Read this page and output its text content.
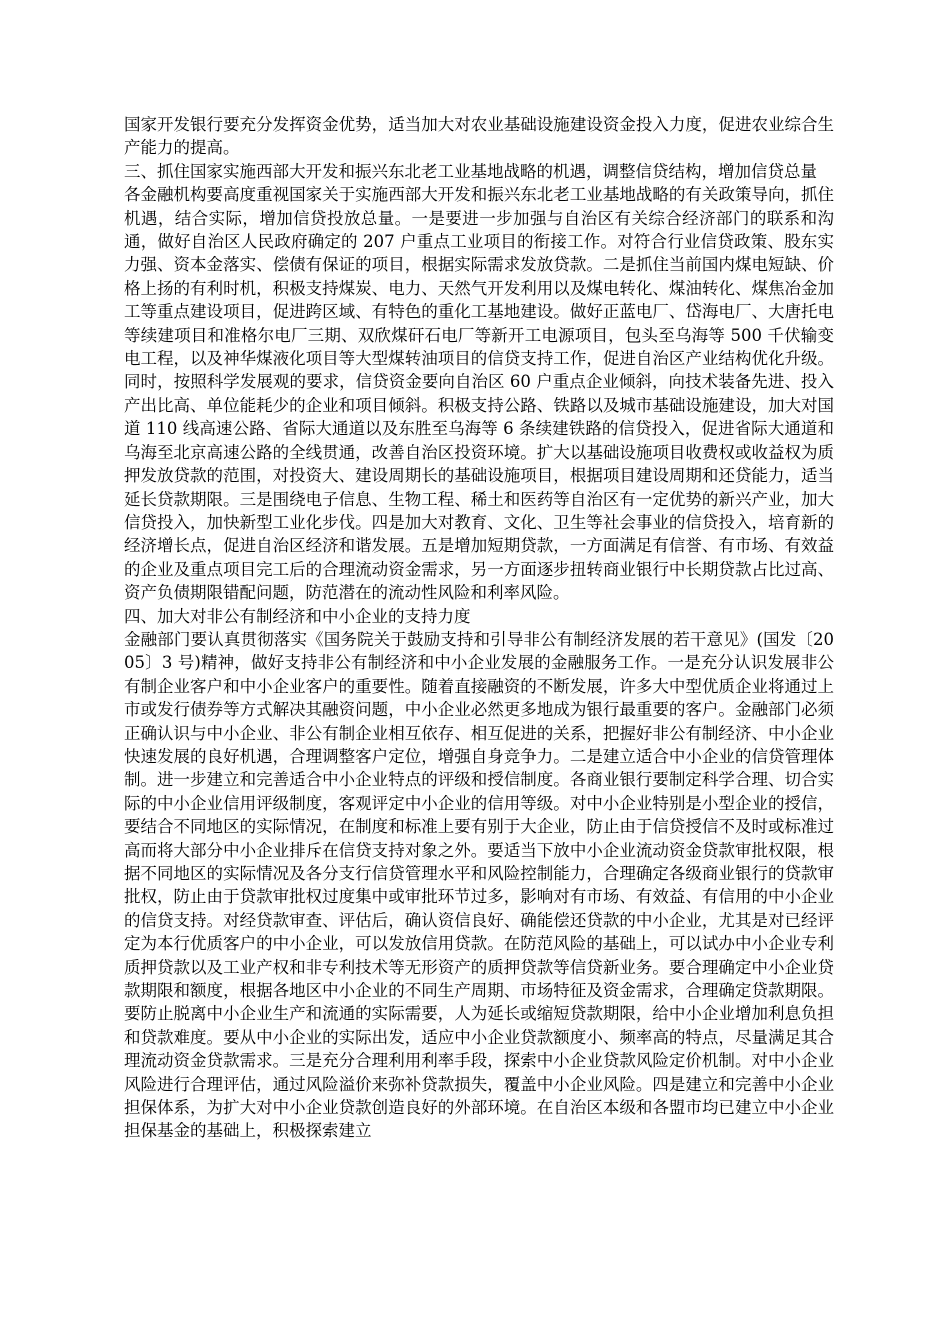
国家开发银行要充分发挥资金优势，适当加大对农业基础设施建设资金投入力度，促进农业综合生产能力的提高。

三、抓住国家实施西部大开发和振兴东北老工业基地战略的机遇，调整信贷结构，增加信贷总量

各金融机构要高度重视国家关于实施西部大开发和振兴东北老工业基地战略的有关政策导向，抓住机遇，结合实际，增加信贷投放总量。一是要进一步加强与自治区有关综合经济部门的联系和沟通，做好自治区人民政府确定的 207 户重点工业项目的衔接工作。对符合行业信贷政策、股东实力强、资本金落实、偿债有保证的项目，根据实际需求发放贷款。二是抓住当前国内煤电短缺、价格上扬的有利时机，积极支持煤炭、电力、天然气开发利用以及煤电转化、煤油转化、煤焦冶金加工等重点建设项目，促进跨区域、有特色的重化工基地建设。做好正蓝电厂、岱海电厂、大唐托电等续建项目和准格尔电厂三期、双欣煤矸石电厂等新开工电源项目，包头至乌海等 500 千伏输变电工程，以及神华煤液化项目等大型煤转油项目的信贷支持工作，促进自治区产业结构优化升级。同时，按照科学发展观的要求，信贷资金要向自治区 60 户重点企业倾斜，向技术装备先进、投入产出比高、单位能耗少的企业和项目倾斜。积极支持公路、铁路以及城市基础设施建设，加大对国道 110 线高速公路、省际大通道以及东胜至乌海等 6 条续建铁路的信贷投入，促进省际大通道和乌海至北京高速公路的全线贯通，改善自治区投资环境。扩大以基础设施项目收费权或收益权为质押发放贷款的范围，对投资大、建设周期长的基础设施项目，根据项目建设周期和还贷能力，适当延长贷款期限。三是围绕电子信息、生物工程、稀土和医药等自治区有一定优势的新兴产业，加大信贷投入，加快新型工业化步伐。四是加大对教育、文化、卫生等社会事业的信贷投入，培育新的经济增长点，促进自治区经济和谐发展。五是增加短期贷款，一方面满足有信誉、有市场、有效益的企业及重点项目完工后的合理流动资金需求，另一方面逐步扭转商业银行中长期贷款占比过高、资产负债期限错配问题，防范潜在的流动性风险和利率风险。

四、加大对非公有制经济和中小企业的支持力度

金融部门要认真贯彻落实《国务院关于鼓励支持和引导非公有制经济发展的若干意见》(国发〔2005〕3 号)精神，做好支持非公有制经济和中小企业发展的金融服务工作。一是充分认识发展非公有制企业客户和中小企业客户的重要性。随着直接融资的不断发展，许多大中型优质企业将通过上市或发行债券等方式解决其融资问题，中小企业必然更多地成为银行最重要的客户。金融部门必须正确认识与中小企业、非公有制企业相互依存、相互促进的关系，把握好非公有制经济、中小企业快速发展的良好机遇，合理调整客户定位，增强自身竞争力。二是建立适合中小企业的信贷管理体制。进一步建立和完善适合中小企业特点的评级和授信制度。各商业银行要制定科学合理、切合实际的中小企业信用评级制度，客观评定中小企业的信用等级。对中小企业特别是小型企业的授信，要结合不同地区的实际情况，在制度和标准上要有别于大企业，防止由于信贷授信不及时或标准过高而将大部分中小企业排斥在信贷支持对象之外。要适当下放中小企业流动资金贷款审批权限，根据不同地区的实际情况及各分支行信贷管理水平和风险控制能力，合理确定各级商业银行的贷款审批权，防止由于贷款审批权过度集中或审批环节过多，影响对有市场、有效益、有信用的中小企业的信贷支持。对经贷款审查、评估后，确认资信良好、确能偿还贷款的中小企业，尤其是对已经评定为本行优质客户的中小企业，可以发放信用贷款。在防范风险的基础上，可以试办中小企业专利质押贷款以及工业产权和非专利技术等无形资产的质押贷款等信贷新业务。要合理确定中小企业贷款期限和额度，根据各地区中小企业的不同生产周期、市场特征及资金需求，合理确定贷款期限。要防止脱离中小企业生产和流通的实际需要，人为延长或缩短贷款期限，给中小企业增加利息负担和贷款难度。要从中小企业的实际出发，适应中小企业贷款额度小、频率高的特点，尽量满足其合理流动资金贷款需求。三是充分合理利用利率手段，探索中小企业贷款风险定价机制。对中小企业风险进行合理评估，通过风险溢价来弥补贷款损失，覆盖中小企业风险。四是建立和完善中小企业担保体系，为扩大对中小企业贷款创造良好的外部环境。在自治区本级和各盟市均已建立中小企业担保基金的基础上，积极探索建立
